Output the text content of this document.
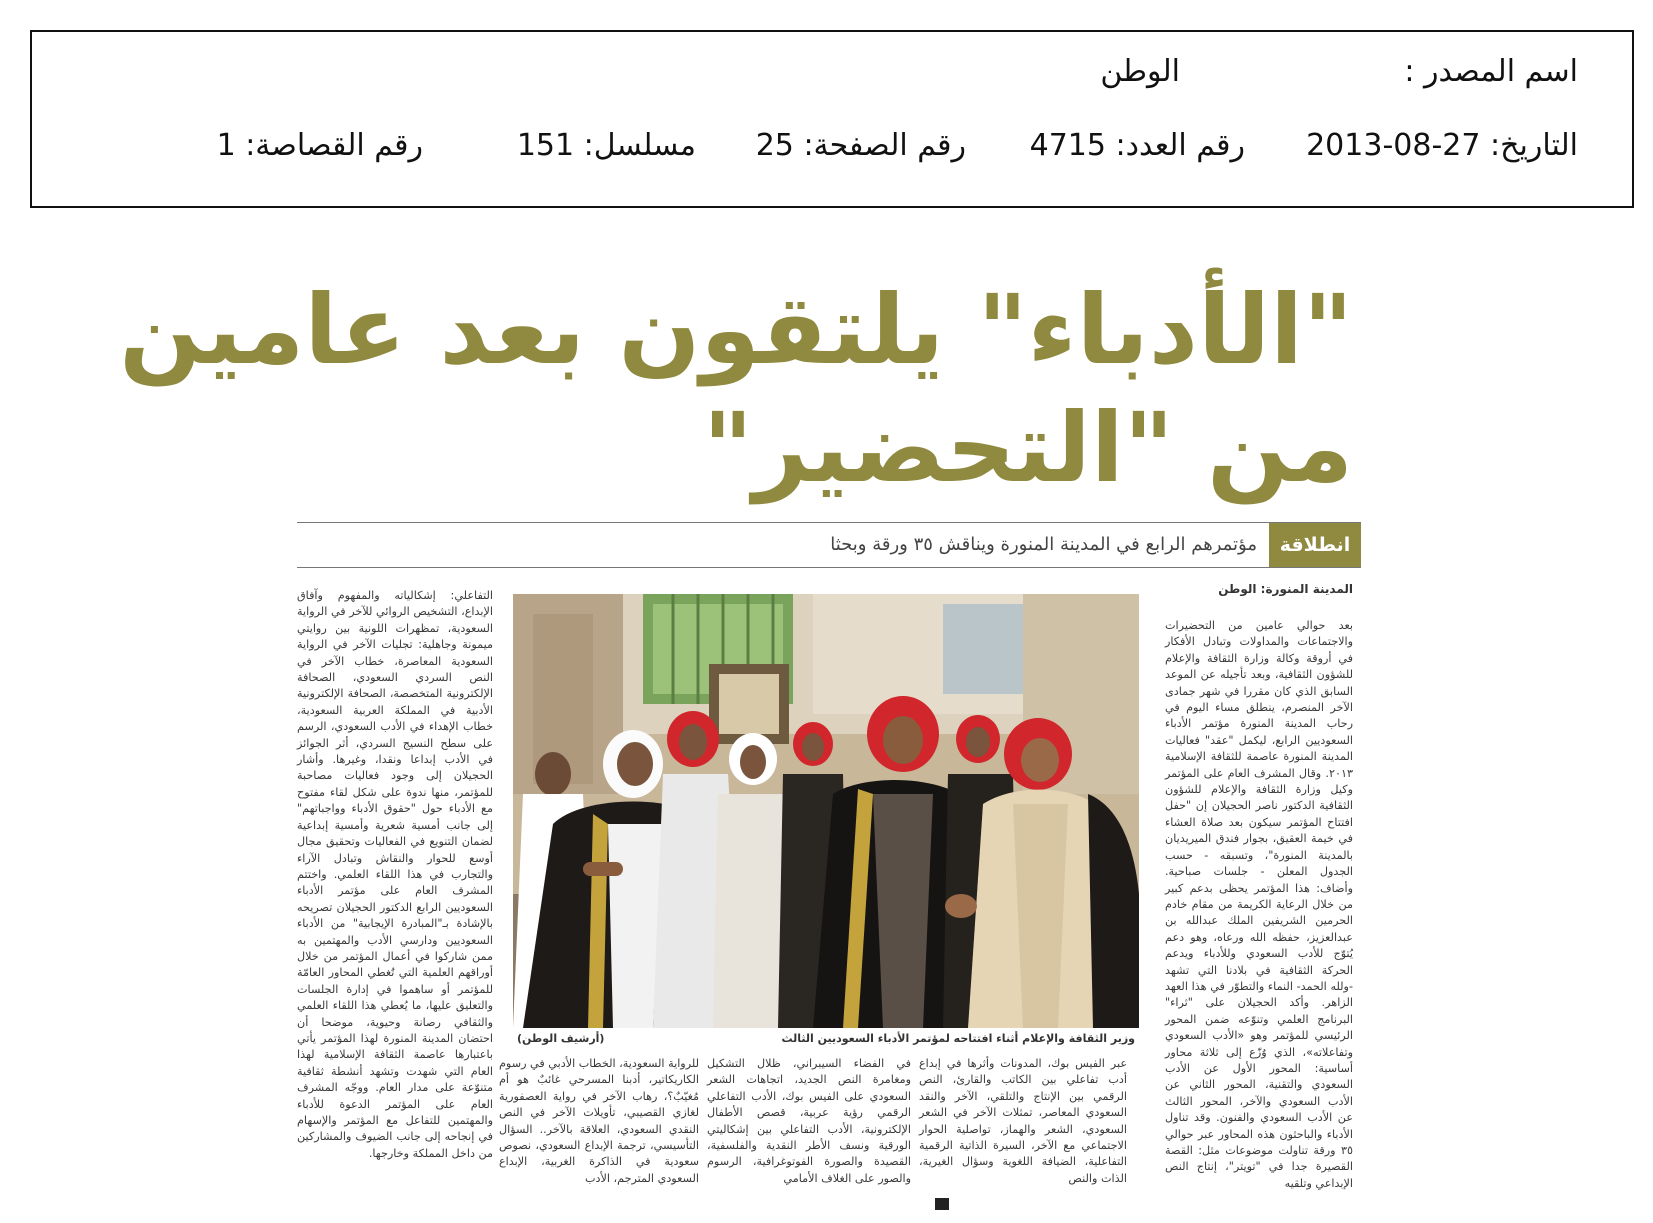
اسم المصدر :
الوطن
التاريخ: 27-08-2013
رقم العدد: 4715
رقم الصفحة: 25
مسلسل: 151
رقم القصاصة: 1
"الأدباء" يلتقون بعد عامين
من "التحضير"
انطلاقة
مؤتمرهم الرابع في المدينة المنورة ويناقش ٣٥ ورقة وبحثا
المدينة المنورة: الوطن

بعد حوالي عامين من التحضيرات والاجتماعات والمداولات وتبادل الأفكار في أروقة وكالة وزارة الثقافة والإعلام للشؤون الثقافية، وبعد تأجيله عن الموعد السابق الذي كان مقررا في شهر جمادى الآخر المنصرم، ينطلق مساء اليوم في رحاب المدينة المنورة مؤتمر الأدباء السعوديين الرابع، ليكمل "عقد" فعاليات المدينة المنورة عاصمة للثقافة الإسلامية ٢٠١٣. وقال المشرف العام على المؤتمر وكيل وزارة الثقافة والإعلام للشؤون الثقافية الدكتور ناصر الحجيلان إن "حفل افتتاح المؤتمر سيكون بعد صلاة العشاء في خيمة العقيق، بجوار فندق الميريديان بالمدينة المنورة"، وتسبقه - حسب الجدول المعلن - جلسات صباحية. وأضاف: هذا المؤتمر يحظى بدعم كبير من خلال الرعاية الكريمة من مقام خادم الحرمين الشريفين الملك عبدالله بن عبدالعزيز، حفظه الله ورعاه، وهو دعم يُتوّج للأدب السعودي وللأدباء ويدعم الحركة الثقافية في بلادنا التي تشهد -ولله الحمد- النماء والتطوّر في هذا العهد الزاهر. وأكد الحجيلان على "ثراء" البرنامج العلمي وتنوّعه ضمن المحور الرئيسي للمؤتمر وهو «الأدب السعودي وتفاعلاته»، الذي وُزّع إلى ثلاثة محاور أساسية: المحور الأول عن الأدب السعودي والتقنية، المحور الثاني عن الأدب السعودي والآخر، المحور الثالث عن الأدب السعودي والفنون. وقد تناول الأدباء والباحثون هذه المحاور عبر حوالي ٣٥ ورقة تناولت موضوعات مثل: القصة القصيرة جدا في "تويتر"، إنتاج النص الإبداعي وتلقيه

التفاعلي: إشكالياته والمفهوم وآفاق الإبداع، التشخيص الروائي للآخر في الرواية السعودية، تمظهرات اللونية بين روايتي ميمونة وجاهلية: تجليات الآخر في الرواية السعودية المعاصرة، خطاب الآخر في النص السردي السعودي، الصحافة الإلكترونية المتخصصة، الصحافة الإلكترونية الأدبية في المملكة العربية السعودية، خطاب الإهداء في الأدب السعودي، الرسم على سطح النسيج السردي، أثر الجوائز في الأدب إبداعا ونقدا، وغيرها. وأشار الحجيلان إلى وجود فعاليات مصاحبة للمؤتمر، منها ندوة على شكل لقاء مفتوح مع الأدباء حول "حقوق الأدباء وواجباتهم" إلى جانب أمسية شعرية وأمسية إبداعية لضمان التنويع في الفعاليات وتحقيق مجال أوسع للحوار والنقاش وتبادل الآراء والتجارب في هذا اللقاء العلمي. واختتم المشرف العام على مؤتمر الأدباء السعوديين الرابع الدكتور الحجيلان تصريحه بالإشادة بـ"المبادرة الإيجابية" من الأدباء السعوديين ودارسي الأدب والمهتمين به ممن شاركوا في أعمال المؤتمر من خلال أوراقهم العلمية التي تُغطي المحاور العامّة للمؤتمر أو ساهموا في إدارة الجلسات والتعليق عليها، ما يُعطي هذا اللقاء العلمي والثقافي رصانة وحيوية، موضحا أن احتضان المدينة المنورة لهذا المؤتمر يأتي باعتبارها عاصمة الثقافة الإسلامية لهذا العام التي شهدت وتشهد أنشطة ثقافية متنوّعة على مدار العام. ووجّه المشرف العام على المؤتمر الدعوة للأدباء والمهتمين للتفاعل مع المؤتمر والإسهام في إنجاحه إلى جانب الضيوف والمشاركين من داخل المملكة وخارجها.

وزير الثقافة والإعلام أثناء افتتاحه لمؤتمر الأدباء السعوديين الثالث
(أرشيف الوطن)

عبر الفيس بوك، المدونات وأثرها في إبداع أدب تفاعلي بين الكاتب والقارئ، النص الرقمي بين الإنتاج والتلقي، الآخر والنقد السعودي المعاصر، تمثلات الآخر في الشعر السعودي، الشعر والهماز، تواصلية الحوار الاجتماعي مع الآخر، السيرة الذاتية الرقمية التفاعلية، الضيافة اللغوية وسؤال الغيرية، الذات والنص

في الفضاء السيبراني، ظلال التشكيل ومغامرة النص الجديد، اتجاهات الشعر السعودي على الفيس بوك، الأدب التفاعلي الرقمي رؤية عربية، قصص الأطفال الإلكترونية، الأدب التفاعلي بين إشكاليتي الورقية ونسف الأطر النقدية والفلسفية، القصيدة والصورة الفوتوغرافية، الرسوم والصور على الغلاف الأمامي

للرواية السعودية، الخطاب الأدبي في رسوم الكاريكاتير، أدبنا المسرحي غائبٌ هو أم مُغيّبٌ؟، رهاب الآخر في رواية العصفورية لغازي القصيبي، تأويلات الآخر في النص النقدي السعودي، العلاقة بالآخر.. السؤال التأسيسي، ترجمة الإبداع السعودي، نصوص سعودية في الذاكرة الغربية، الإبداع السعودي المترجم، الأدب
